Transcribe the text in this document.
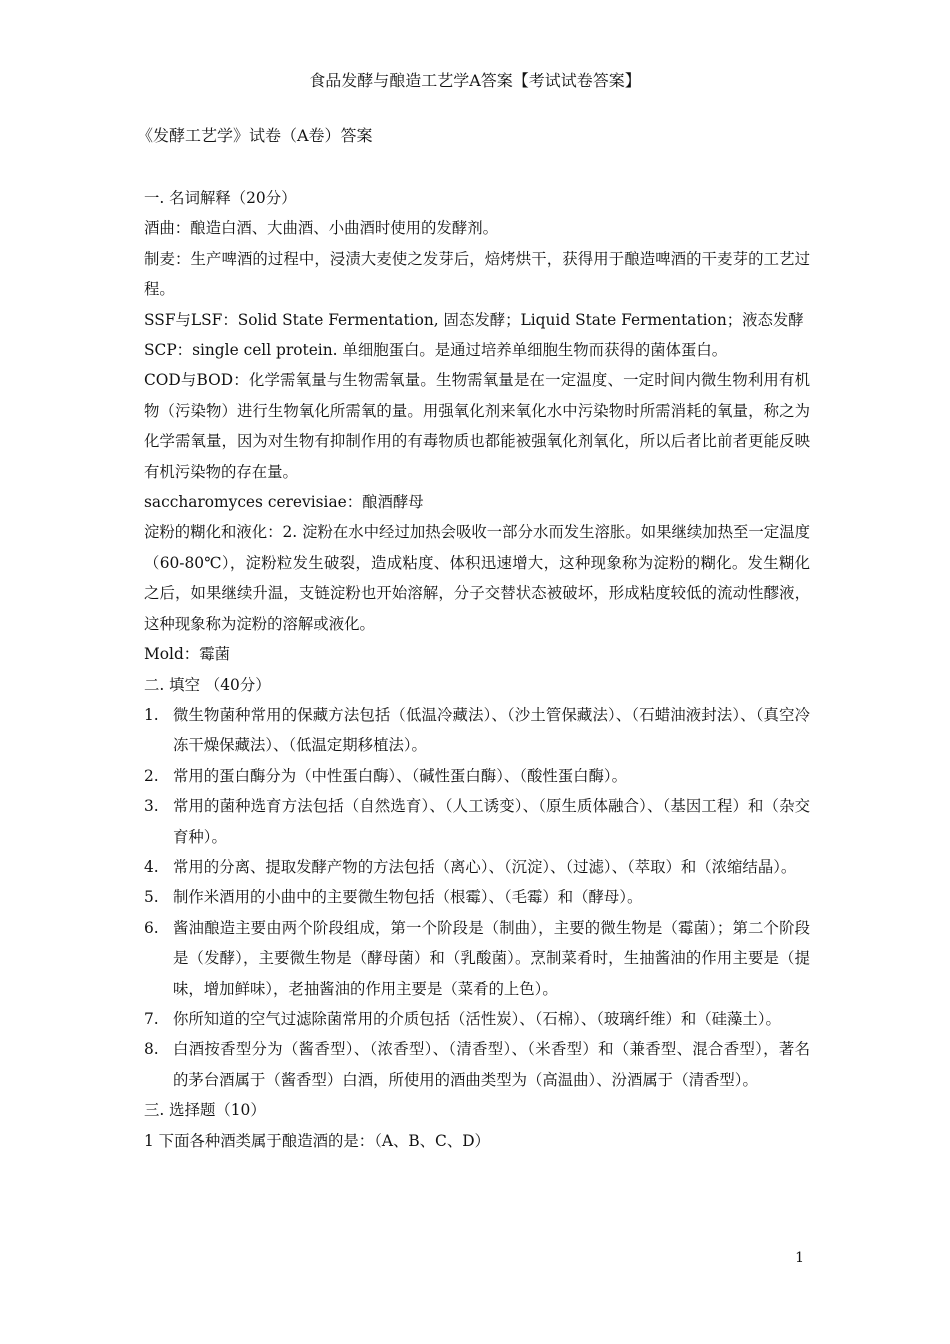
食品发酵与酿造工艺学A答案【考试试卷答案】
《发酵工艺学》试卷（A卷）答案

一. 名词解释（20分）

酒曲：酿造白酒、大曲酒、小曲酒时使用的发酵剂。

制麦：生产啤酒的过程中，浸渍大麦使之发芽后，焙烤烘干，获得用于酿造啤酒的干麦芽的工艺过程。

SSF与LSF：Solid State Fermentation, 固态发酵；Liquid State Fermentation；液态发酵

SCP：single cell protein. 单细胞蛋白。是通过培养单细胞生物而获得的菌体蛋白。

COD与BOD：化学需氧量与生物需氧量。生物需氧量是在一定温度、一定时间内微生物利用有机物（污染物）进行生物氧化所需氧的量。用强氧化剂来氧化水中污染物时所需消耗的氧量，称之为化学需氧量，因为对生物有抑制作用的有毒物质也都能被强氧化剂氧化，所以后者比前者更能反映有机污染物的存在量。

saccharomyces cerevisiae：酿酒酵母

淀粉的糊化和液化：2. 淀粉在水中经过加热会吸收一部分水而发生溶胀。如果继续加热至一定温度（60-80℃），淀粉粒发生破裂，造成粘度、体积迅速增大，这种现象称为淀粉的糊化。发生糊化之后，如果继续升温，支链淀粉也开始溶解，分子交替状态被破坏，形成粘度较低的流动性醪液，这种现象称为淀粉的溶解或液化。

Mold：霉菌

二. 填空 （40分）

1. 微生物菌种常用的保藏方法包括（低温冷藏法）、（沙土管保藏法）、（石蜡油液封法）、（真空冷冻干燥保藏法）、（低温定期移植法）。
2. 常用的蛋白酶分为（中性蛋白酶）、（碱性蛋白酶）、（酸性蛋白酶）。
3. 常用的菌种选育方法包括（自然选育）、（人工诱变）、（原生质体融合）、（基因工程）和（杂交育种）。
4. 常用的分离、提取发酵产物的方法包括（离心）、（沉淀）、（过滤）、（萃取）和（浓缩结晶）。
5. 制作米酒用的小曲中的主要微生物包括（根霉）、（毛霉）和（酵母）。
6. 酱油酿造主要由两个阶段组成，第一个阶段是（制曲），主要的微生物是（霉菌）；第二个阶段是（发酵），主要微生物是（酵母菌）和（乳酸菌）。烹制菜肴时，生抽酱油的作用主要是（提味，增加鲜味），老抽酱油的作用主要是（菜肴的上色）。
7. 你所知道的空气过滤除菌常用的介质包括（活性炭）、（石棉）、（玻璃纤维）和（硅藻土）。
8. 白酒按香型分为（酱香型）、（浓香型）、（清香型）、（米香型）和（兼香型、混合香型），著名的茅台酒属于（酱香型）白酒，所使用的酒曲类型为（高温曲）、汾酒属于（清香型）。

三. 选择题（10）

1 下面各种酒类属于酿造酒的是：（A、B、C、D）

1
